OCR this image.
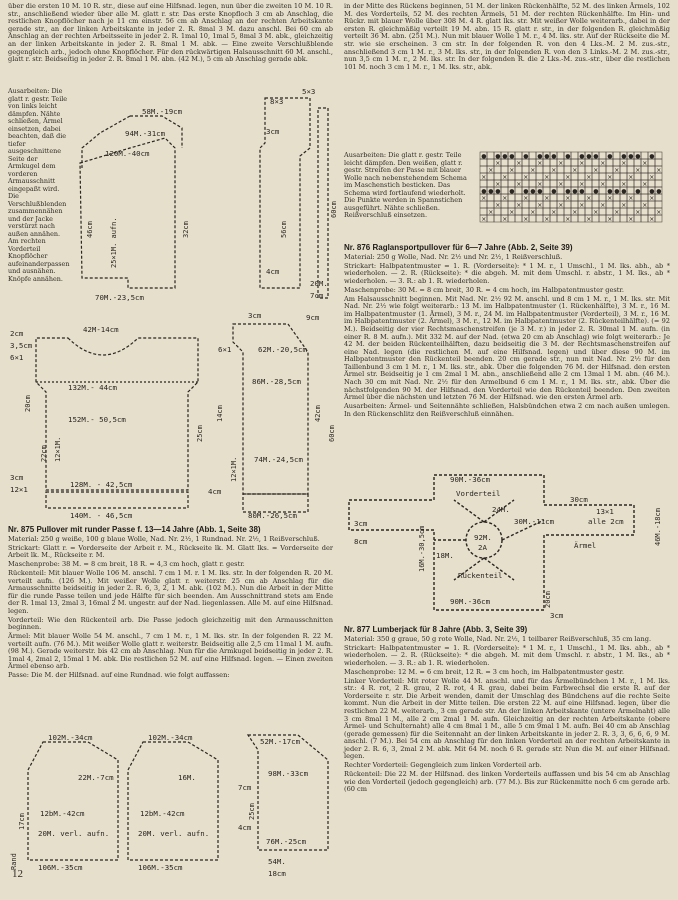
über die ersten 10 M. 10 R. str., diese auf eine Hilfsnad. legen, nun über die zweiten 10 M. 10 R. str., anschließend wieder über alle M. glatt r. str. Das erste Knopfloch 3 cm ab Anschlag, die restlichen Knopflöcher nach je 11 cm einstr. 56 cm ab Anschlag an der rechten Arbeitskante gerade str., an der linken Arbeitskante in jeder 2. R. 8mal 3 M. dazu anschl. Bei 60 cm ab Anschlag an der rechten Arbeitsseite in jeder 2. R. 1mal 10, 1mal 5, 8mal 3 M. abk., gleichzeitig an der linken Arbeitskante in jeder 2. R. 8mal 1 M. abk. — Eine zweite Verschlußblende gegengleich arb., jedoch ohne Knopflöcher. Für den rückwärtigen Halsausschnitt 60 M. anschl., glatt r. str. Beidseitig in jeder 2. R. 8mal 1 M. abn. (42 M.), 5 cm ab Anschlag gerade abk.

Ausarbeiten: Die glatt r. gestr. Teile von links leicht dämpfen. Nähte schließen, Ärmel einsetzen, dabei beachten, daß die tiefer ausgeschnittene Seite der Armkugel dem vorderen Armausschnitt eingepaßt wird. Die Verschlußblenden zusammennähen und der Jacke verstürzt nach außen annähen. Am rechten Vorderteil Knopflöcher aufeinanderpassen und ausnähen. Knöpfe annähen.

58M.-19cm
94M.-31cm
120M.-40cm
46cm 25×1M. aufn.	32cm
70M.-23,5cm
5×3
8×3
3cm
56cm
60cm
4cm
20M.
7cm
42M-14cm
2cm
3,5cm
6×1
20cm
132M.- 44cm
152M.- 50,5cm
12×1M.
22cm
128M. - 42,5cm
3cm
25cm
12×1
140M. - 46,5cm
3cm
6×1
14cm
12×1M.
62M.-20,5cm
86M.-28,5cm
74M.-24,5cm
80M.-26,5cm
4cm
9cm
60cm
42cm

Nr. 875 Pullover mit runder Passe f. 13—14 Jahre (Abb. 1, Seite 38)

Material: 250 g weiße, 100 g blaue Wolle, Nad. Nr. 2½, 1 Rundnad. Nr. 2½, 1 Reißverschluß.

Strickart: Glatt r. = Vorderseite der Arbeit r. M., Rückseite lk. M. Glatt lks. = Vorderseite der Arbeit lk. M., Rückseite r. M.

Maschenprobe: 38 M. = 8 cm breit, 18 R. = 4,3 cm hoch, glatt r. gestr.

Rückenteil: Mit blauer Wolle 106 M. anschl. 7 cm 1 M. r. 1 M. lks. str. In der folgenden R. 20 M. verteilt aufn. (126 M.). Mit weißer Wolle glatt r. weiterstr. 25 cm ab Anschlag für die Armausschnitte beidseitig in jeder 2. R. 6, 3, 2, 1 M. abk. (102 M.). Nun die Arbeit in der Mitte für die runde Passe teilen und jede Hälfte für sich beenden. Am Ausschnittrand stets am Ende der R. 1mal 13, 2mal 3, 16mal 2 M. ungestr. auf der Nad. liegenlassen. Alle M. auf eine Hilfsnad. legen.

Vorderteil: Wie den Rückenteil arb. Die Passe jedoch gleichzeitig mit den Armausschnitten beginnen.

Ärmel: Mit blauer Wolle 54 M. anschl., 7 cm 1 M. r., 1 M. lks. str. In der folgenden R. 22 M. verteilt aufn. (76 M.). Mit weißer Wolle glatt r. weiterstr. Beidseitig alle 2,5 cm 11mal 1 M. aufn. (98 M.). Gerade weiterstr. bis 42 cm ab Anschlag. Nun für die Armkugel beidseitig in jeder 2. R. 1mal 4, 2mal 2, 15mal 1 M. abk. Die restlichen 52 M. auf eine Hilfsnad. legen. — Einen zweiten Ärmel ebenso arb.

Passe: Die M. der Hilfsnad. auf eine Rundnad. wie folgt auffassen:

102M.-34cm	102M.-34cm
22M.-7cm	16M.
12bM.-42cm	12bM.-42cm
20M. verl. aufn.	20M. verl. aufn.
106M.-35cm	106M.-35cm
Rand
17cm
52M.-17cm
98M.-33cm
76M.-25cm
54M.
18cm
25cm
7cm
4cm
12

in der Mitte des Rückens beginnen, 51 M. der linken Rückenhälfte, 52 M. des linken Ärmels, 102 M. des Vorderteils, 52 M. des rechten Ärmels, 51 M. der rechten Rückenhälfte. Im Hin- und Rückr. mit blauer Wolle über 308 M. 4 R. glatt lks. str. Mit weißer Wolle weiterarb., dabei in der ersten R. gleichmäßig verteilt 19 M. abn. 15 R. glatt r. str., in der folgenden R. gleichmäßig verteilt 36 M. abn. (251 M.). Nun mit blauer Wolle 1 M. r., 4 M. lks. str. Auf der Rückseite die M. str. wie sie erscheinen. 3 cm str. In der folgenden R. von den 4 Lks.-M. 2 M. zus.-str., anschließend 3 cm 1 M. r., 3 M. lks. str., in der folgenden R. von den 3 Links.-M. 2 M. zus.-str., nun 3,5 cm 1 M. r., 2 M. lks. str. In der folgenden R. die 2 Lks.-M. zus.-str., über die restlichen 101 M. noch 3 cm 1 M. r., 1 M. lks. str., abk.

Ausarbeiten: Die glatt r. gestr. Teile leicht dämpfen. Den weißen, glatt r. gestr. Streifen der Passe mit blauer Wolle nach nebenstehendem Schema im Maschenstich besticken. Das Schema wird fortlaufend wiederholt. Die Punkte werden in Spannstichen ausgeführt. Nähte schließen. Reißverschluß einsetzen.

● ● ● ● ● ● ● ● ● ● ● ● ● ● ● ● ●
×	×	×	×	×	×	×	×
×	×	×	×	×	×	×	×	×
×	×	×	×	×	×	×	×	×
×	×	×	×	×	×	×	×
● ● ● ● ● ● ● ● ● ● ● ● ● ● ● ● ● ●
×	×	×	×	×	×	×	×	×
×	×	×	×	×	×	×	×
×	×	×	×	×	×	×	×	×
×	×	×	×	×	×	×	×	×

Nr. 876 Raglansportpullover für 6—7 Jahre (Abb. 2, Seite 39)

Material: 250 g Wolle, Nad. Nr. 2½ und Nr. 2½, 1 Reißverschluß.

Strickart: Halbpatentmuster = 1. R. (Vorderseite): * 1 M. r., 1 Umschl., 1 M. lks. abh., ab * wiederholen. — 2. R. (Rückseite): * die abgeh. M. mit dem Umschl. r. abstr., 1 M. lks., ab * wiederholen. — 3. R.: ab 1. R. wiederholen.

Maschenprobe: 30 M. = 8 cm breit, 30 R. = 4 cm hoch, im Halbpatentmuster gestr.

Am Halsausschnitt beginnen. Mit Nad. Nr. 2½ 92 M. anschl. und 8 cm 1 M. r., 1 M. lks. str. Mit Nad. Nr. 2½ wie folgt weiterarb.: 13 M. im Halbpatentmuster (1. Rückenhälfte), 3 M. r., 16 M. im Halbpatentmuster (1. Ärmel), 3 M. r., 24 M. im Halbpatentmuster (Vorderteil), 3 M. r., 16 M. im Halbpatentmuster (2. Ärmel), 3 M. r., 12 M. im Halbpatentmuster (2. Rückenteilhälfte). (= 92 M.). Beidseitig der vier Rechtsmaschenstreifen (je 3 M. r.) in jeder 2. R. 30mal 1 M. aufn. (in einer R. 8 M. aufn.). Mit 332 M. auf der Nad. (etwa 20 cm ab Anschlag) wie folgt weiterarb.: Je 42 M. der beiden Rückenteilhälften, dazu beidseitig die 3 M. der Rechtsmaschenstreifen auf eine Nad. legen (die restlichen M. auf eine Hilfsnad. legen) und über diese 90 M. im Halbpatentmuster den Rückenteil beenden. 20 cm gerade str., nun mit Nad. Nr. 2½ für den Taillenbund 3 cm 1 M. r., 1 M. lks. str., abk. Über die folgenden 76 M. der Hilfsnad. den ersten Ärmel str. Beidseitig je 1 cm 2mal 1 M. abn., anschließend alle 2 cm 13mal 1 M. abn. (46 M.). Nach 30 cm mit Nad. Nr. 2½ für den Armelbund 6 cm 1 M. r., 1 M. lks. str., abk. Über die nächstfolgenden 90 M. der Hilfsnad. den Vorderteil wie den Rückenteil beenden. Den zweiten Ärmel über die nächsten und letzten 76 M. der Hilfsnad. wie den ersten Ärmel arb.

Ausarbeiten: Ärmel- und Seitennähte schließen, Halsbündchen etwa 2 cm nach außen umlegen. In den Rückenschlitz den Reißverschluß einnähen.

90M.-36cm
Vorderteil
24M.
30M.-11cm
30cm
13×1
alle 2cm
92M.
2A	Ärmel	46M.-18cm
Rückenteil
90M.-36cm	20cm
3cm
16M.-30,5cm 18M.
3cm
8cm

Nr. 877 Lumberjack für 8 Jahre (Abb. 3, Seite 39)

Material: 350 g graue, 50 g rote Wolle, Nad. Nr. 2½, 1 teilbarer Reißverschluß, 35 cm lang.

Strickart: Halbpatentmuster = 1. R. (Vorderseite): * 1 M. r., 1 Umschl., 1 M. lks. abh., ab * wiederholen. — 2. R. (Rückseite): * die abgeh. M. mit dem Umschl. r. abstr., 1 M. lks., ab * wiederholen. — 3. R.: ab 1. R. wiederholen.

Maschenprobe: 12 M. = 6 cm breit, 12 R. = 3 cm hoch, im Halbpatentmuster gestr.

Linker Vorderteil: Mit roter Wolle 44 M. anschl. und für das Ärmelbündchen 1 M. r., 1 M. lks. str.: 4 R. rot, 2 R. grau, 2 R. rot, 4 R. grau, dabei beim Farbwechsel die erste R. auf der Vorderseite r. str. Die Arbeit wenden, damit der Umschlag des Bündchens auf die rechte Seite kommt. Nun die Arbeit in der Mitte teilen. Die ersten 22 M. auf eine Hilfsnad. legen, über die restlichen 22 M. weiterarb., 3 cm gerade str. An der linken Arbeitskante (untere Armelnaht) alle 3 cm 8mal 1 M., alle 2 cm 2mal 1 M. aufn. Gleichzeitig an der rechten Arbeitskante (obere Ärmel- und Schulternaht) alle 4 cm 8mal 1 M., alle 5 cm 9mal 1 M. aufn. Bei 40 cm ab Anschlag (gerade gemessen) für die Seitennaht an der linken Arbeitskante in jeder 2. R. 3, 3, 6, 6, 6, 9 M. anschl. (7 M.). Bei 54 cm ab Anschlag für den linken Vorderteil an der rechten Arbeitskante in jeder 2. R. 6, 3, 2mal 2 M. abk. Mit 64 M. noch 6 R. gerade str. Nun die M. auf einer Hilfsnad. legen.

Rechter Vorderteil: Gegengleich zum linken Vorderteil arb.

Rückenteil: Die 22 M. der Hilfsnad. des linken Vorderteils auffassen und bis 54 cm ab Anschlag wie den Vorderteil (jedoch gegengleich) arb. (77 M.). Bis zur Rückenmitte noch 6 cm gerade arb. (60 cm
